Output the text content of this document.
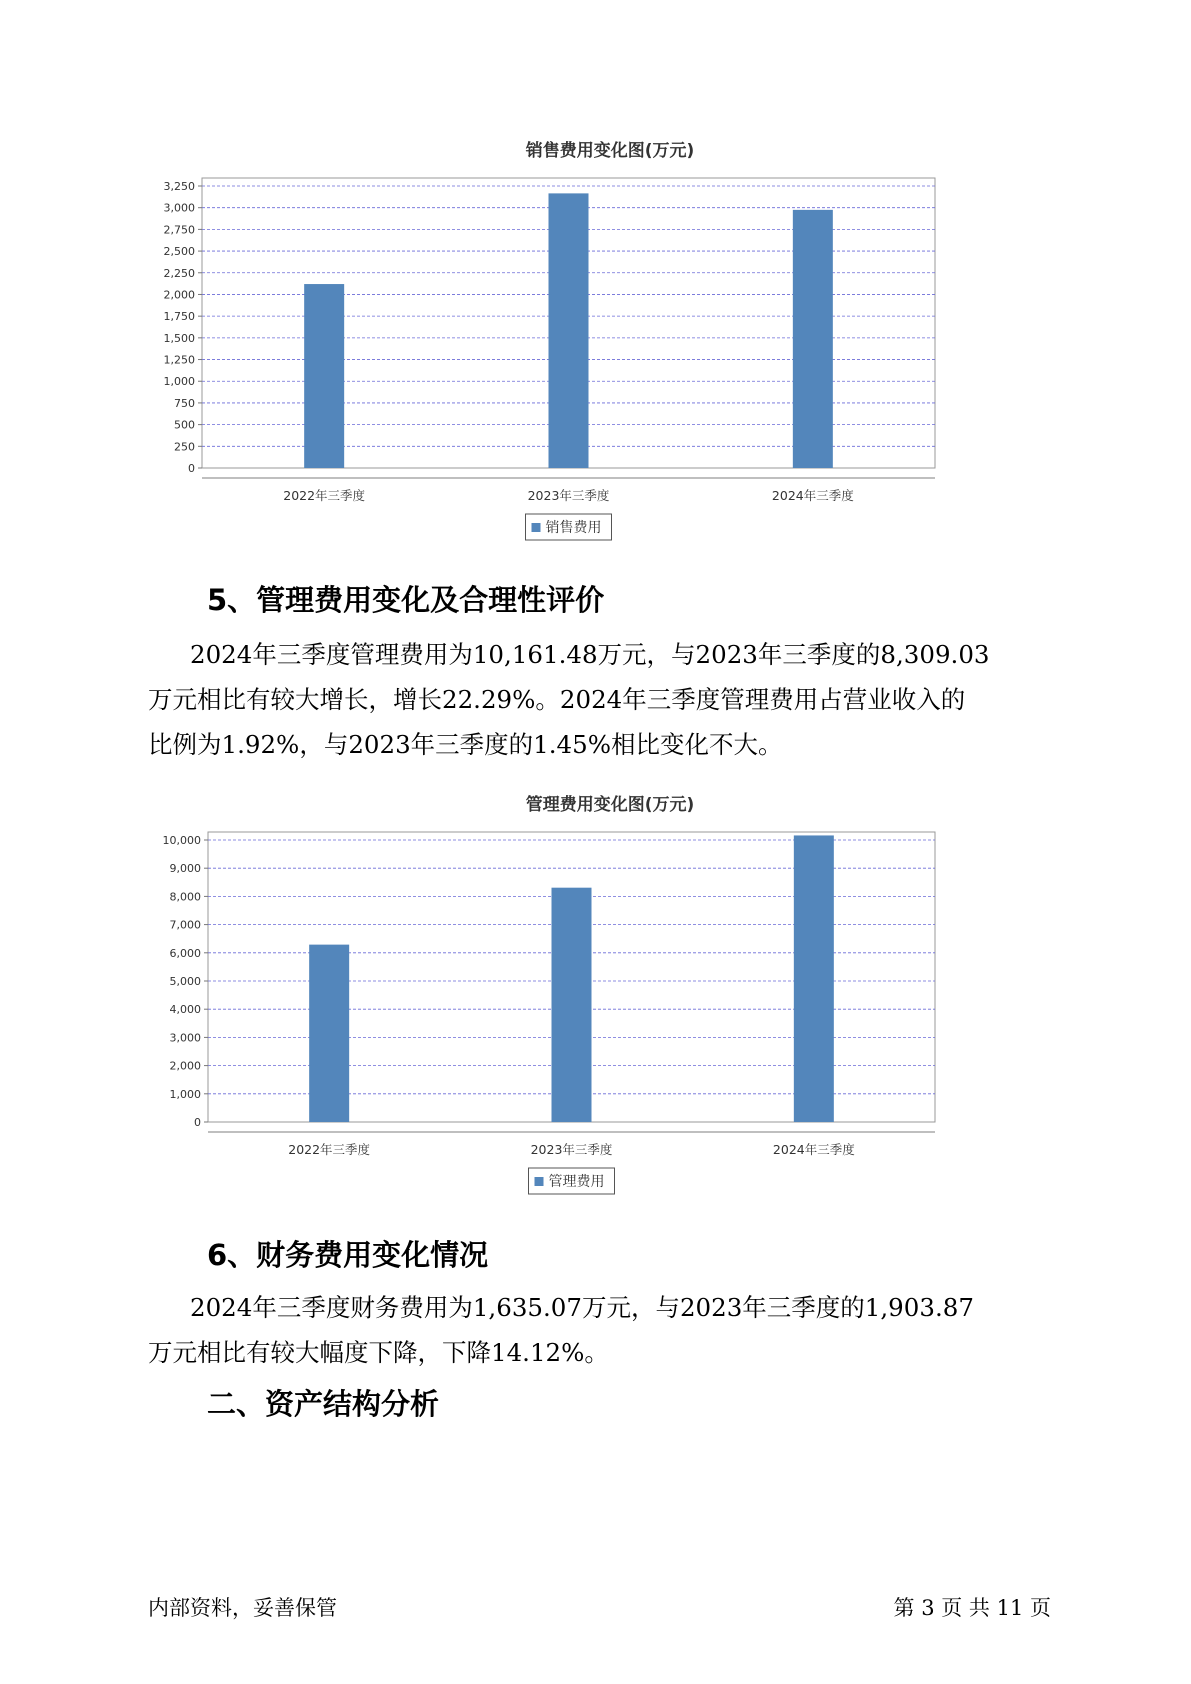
销售费用变化图(万元)
0
250
500
750
1,000
1,250
1,500
1,750
2,000
2,250
2,500
2,750
3,000
3,250
2022年三季度	2023年三季度	2024年三季度
销售费用
5、管理费用变化及合理性评价
2024年三季度管理费用为10,161.48万元，与2023年三季度的8,309.03
万元相比有较大增长，增长22.29%。2024年三季度管理费用占营业收入的
比例为1.92%，与2023年三季度的1.45%相比变化不大。
管理费用变化图(万元)
0
1,000
2,000
3,000
4,000
5,000
6,000
7,000
8,000
9,000
10,000
2022年三季度	2023年三季度	2024年三季度
管理费用
6、财务费用变化情况
2024年三季度财务费用为1,635.07万元，与2023年三季度的1,903.87
万元相比有较大幅度下降，下降14.12%。
二、资产结构分析
内部资料，妥善保管	第 3 页 共 11 页
